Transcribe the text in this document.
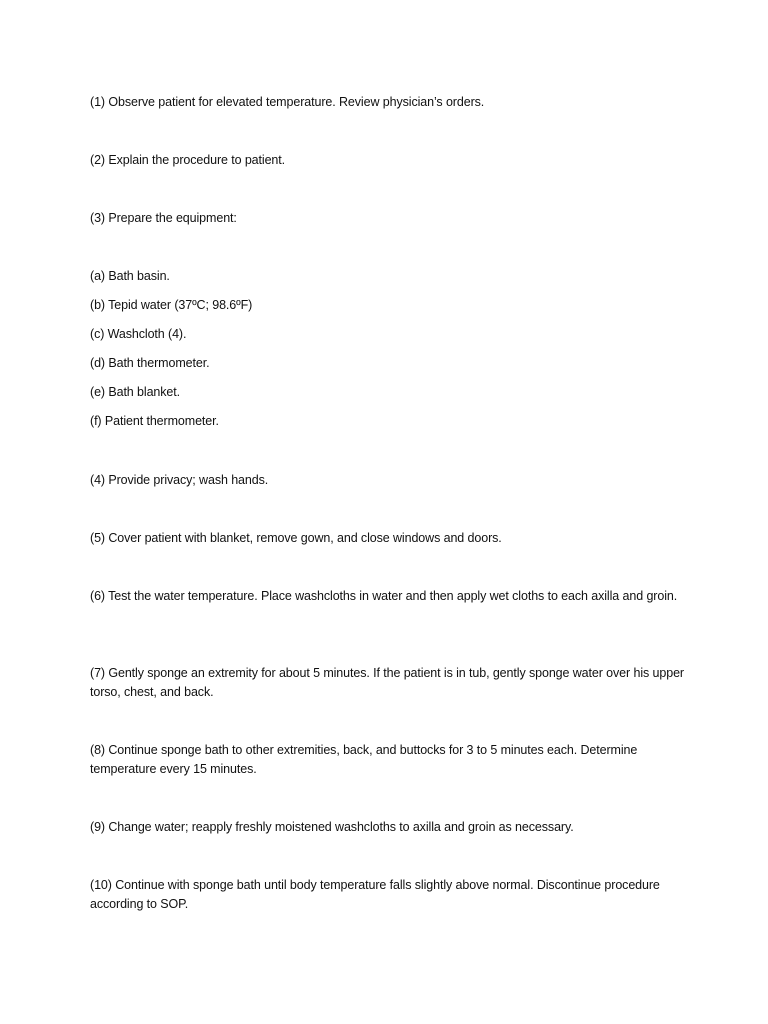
(1) Observe patient for elevated temperature. Review physician’s orders.
(2) Explain the procedure to patient.
(3) Prepare the equipment:
(a) Bath basin.
(b) Tepid water (37ºC; 98.6ºF)
(c) Washcloth (4).
(d) Bath thermometer.
(e) Bath blanket.
(f) Patient thermometer.
(4) Provide privacy; wash hands.
(5) Cover patient with blanket, remove gown, and close windows and doors.
(6) Test the water temperature. Place washcloths in water and then apply wet cloths to each axilla and groin.
(7) Gently sponge an extremity for about 5 minutes. If the patient is in tub, gently sponge water over his upper torso, chest, and back.
(8) Continue sponge bath to other extremities, back, and buttocks for 3 to 5 minutes each. Determine temperature every 15 minutes.
(9) Change water; reapply freshly moistened washcloths to axilla and groin as necessary.
(10) Continue with sponge bath until body temperature falls slightly above normal. Discontinue procedure according to SOP.
